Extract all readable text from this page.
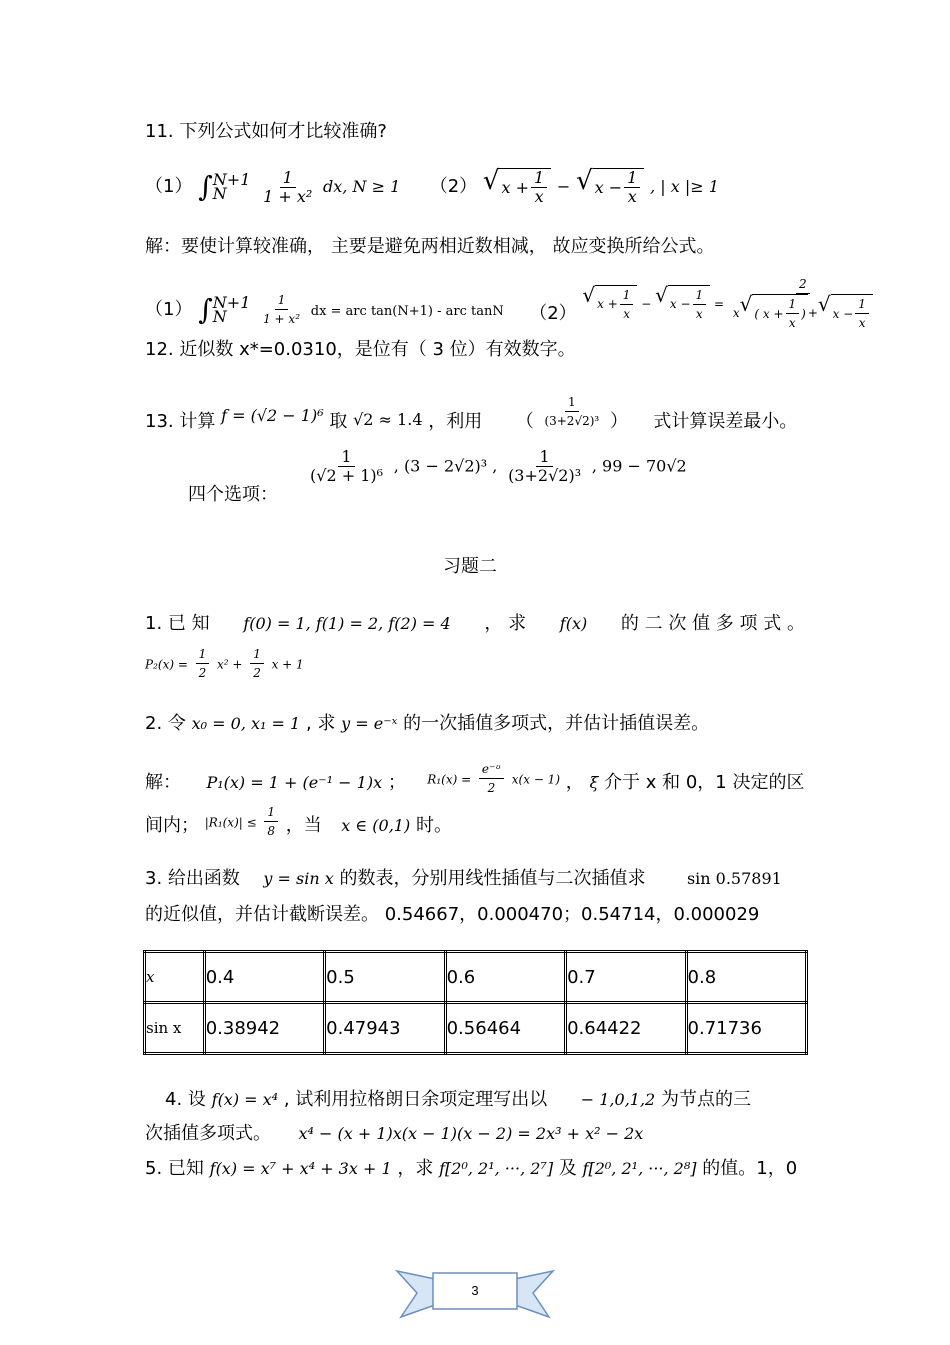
11. 下列公式如何才比较准确?
（1） ∫ N+1
N
	$\frac{1}{\text{1 + x²}}$ dx, N ≥ 1 （2） √ $x + \frac{1}{x}$ − √ $x - \frac{1}{x}$ , | x |≥ 1
解：要使计算较准确， 主要是避免两相近数相减， 故应变换所给公式。
（1） ∫ N+1
N
	$\frac{1}{\text{1 + x²}} _{dx = arc tan(N+1) - arc tanN}$ （2）
√ $x + \frac{1}{x}$ − √ $x - \frac{1}{x} = \frac{2}{x √ ( x + \frac{1}{x} ) + √ x - \frac{1}{x}}$
12. 近似数 x*=0.0310，是位有（ 3 位）有效数字。
13. 计算 f = (√2 − 1)⁶ 取 √2 ≈ 1.4 ，利用 （ $\frac{1}{\text{(3+2√2)³}}$ ） 式计算误差最小。
$\frac{1}{\text{(√2 + 1)⁶}}$ , (3 − 2√2)³ , $\frac{1}{\text{(3+2√2)³}}$ , 99 − 70√2
四个选项：
习题二
1. 已 知 f(0) = 1, f(1) = 2, f(2) = 4 ， 求 f(x) 的 二 次 值 多 项 式 。
$P_2(x) = \frac{1}{2} x^2 + \frac{1}{2}$ x + 1
2. 令 x₀ = 0, x₁ = 1 , 求 y = e⁻ˣ 的一次插值多项式，并估计插值误差。
解： P₁(x) = 1 + (e⁻¹ − 1)x ； $R_1(x) = \frac{\text{e⁻ᶷ}}{2} x(x - 1)$ ， ξ 介于 x 和 0，1 决定的区
间内； $|R_1(x)| \le \frac{1}{8}$ ，当 x ∈ (0,1) 时。
3. 给出函数 y = sin x 的数表，分别用线性插值与二次插值求	sin 0.57891
的近似值，并估计截断误差。 0.54667，0.000470；0.54714，0.000029
x	0.4	0.5	0.6	0.7	0.8
sin x	0.38942	0.47943	0.56464	0.64422	0.71736
4. 设 f(x) = x⁴ , 试利用拉格朗日余项定理写出以 − 1,0,1,2 为节点的三
次插值多项式。 x⁴ − (x + 1)x(x − 1)(x − 2) = 2x³ + x² − 2x
5. 已知 f(x) = x⁷ + x⁴ + 3x + 1 ，求 f[2⁰, 2¹, ···, 2⁷] 及 f[2⁰, 2¹, ···, 2⁸] 的值。1，0
3
